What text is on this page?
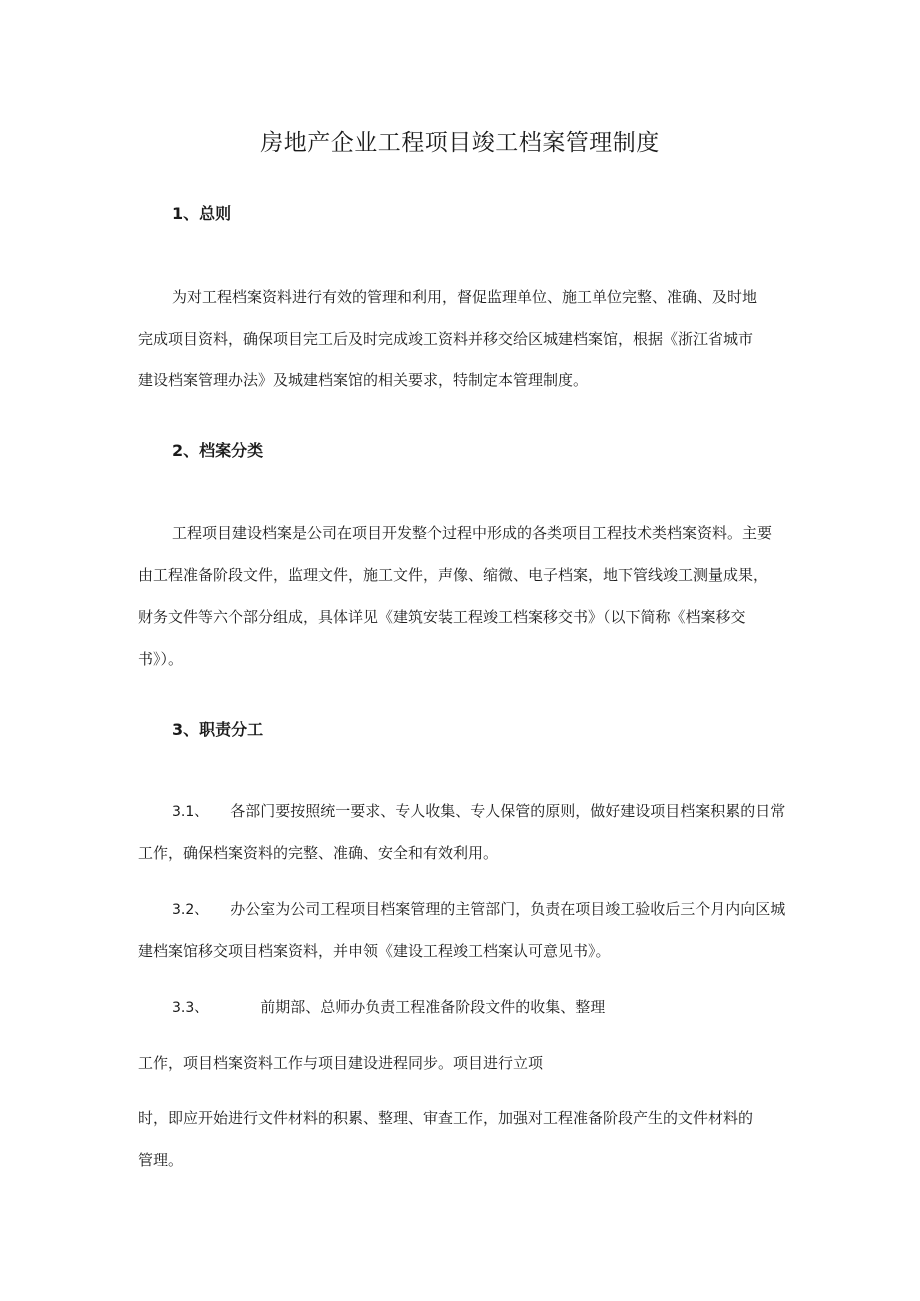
房地产企业工程项目竣工档案管理制度
1、总则
为对工程档案资料进行有效的管理和利用，督促监理单位、施工单位完整、准确、及时地
完成项目资料，确保项目完工后及时完成竣工资料并移交给区城建档案馆，根据《浙江省城市
建设档案管理办法》及城建档案馆的相关要求，特制定本管理制度。
2、档案分类
工程项目建设档案是公司在项目开发整个过程中形成的各类项目工程技术类档案资料。主要
由工程准备阶段文件，监理文件，施工文件，声像、缩微、电子档案，地下管线竣工测量成果，
财务文件等六个部分组成，具体详见《建筑安装工程竣工档案移交书》（以下简称《档案移交
书》）。
3、职责分工
3.1、 各部门要按照统一要求、专人收集、专人保管的原则，做好建设项目档案积累的日常
工作，确保档案资料的完整、准确、安全和有效利用。
3.2、 办公室为公司工程项目档案管理的主管部门，负责在项目竣工验收后三个月内向区城
建档案馆移交项目档案资料，并申领《建设工程竣工档案认可意见书》。
3.3、	前期部、总师办负责工程准备阶段文件的收集、整理
工作，项目档案资料工作与项目建设进程同步。项目进行立项
时，即应开始进行文件材料的积累、整理、审查工作，加强对工程准备阶段产生的文件材料的
管理。
